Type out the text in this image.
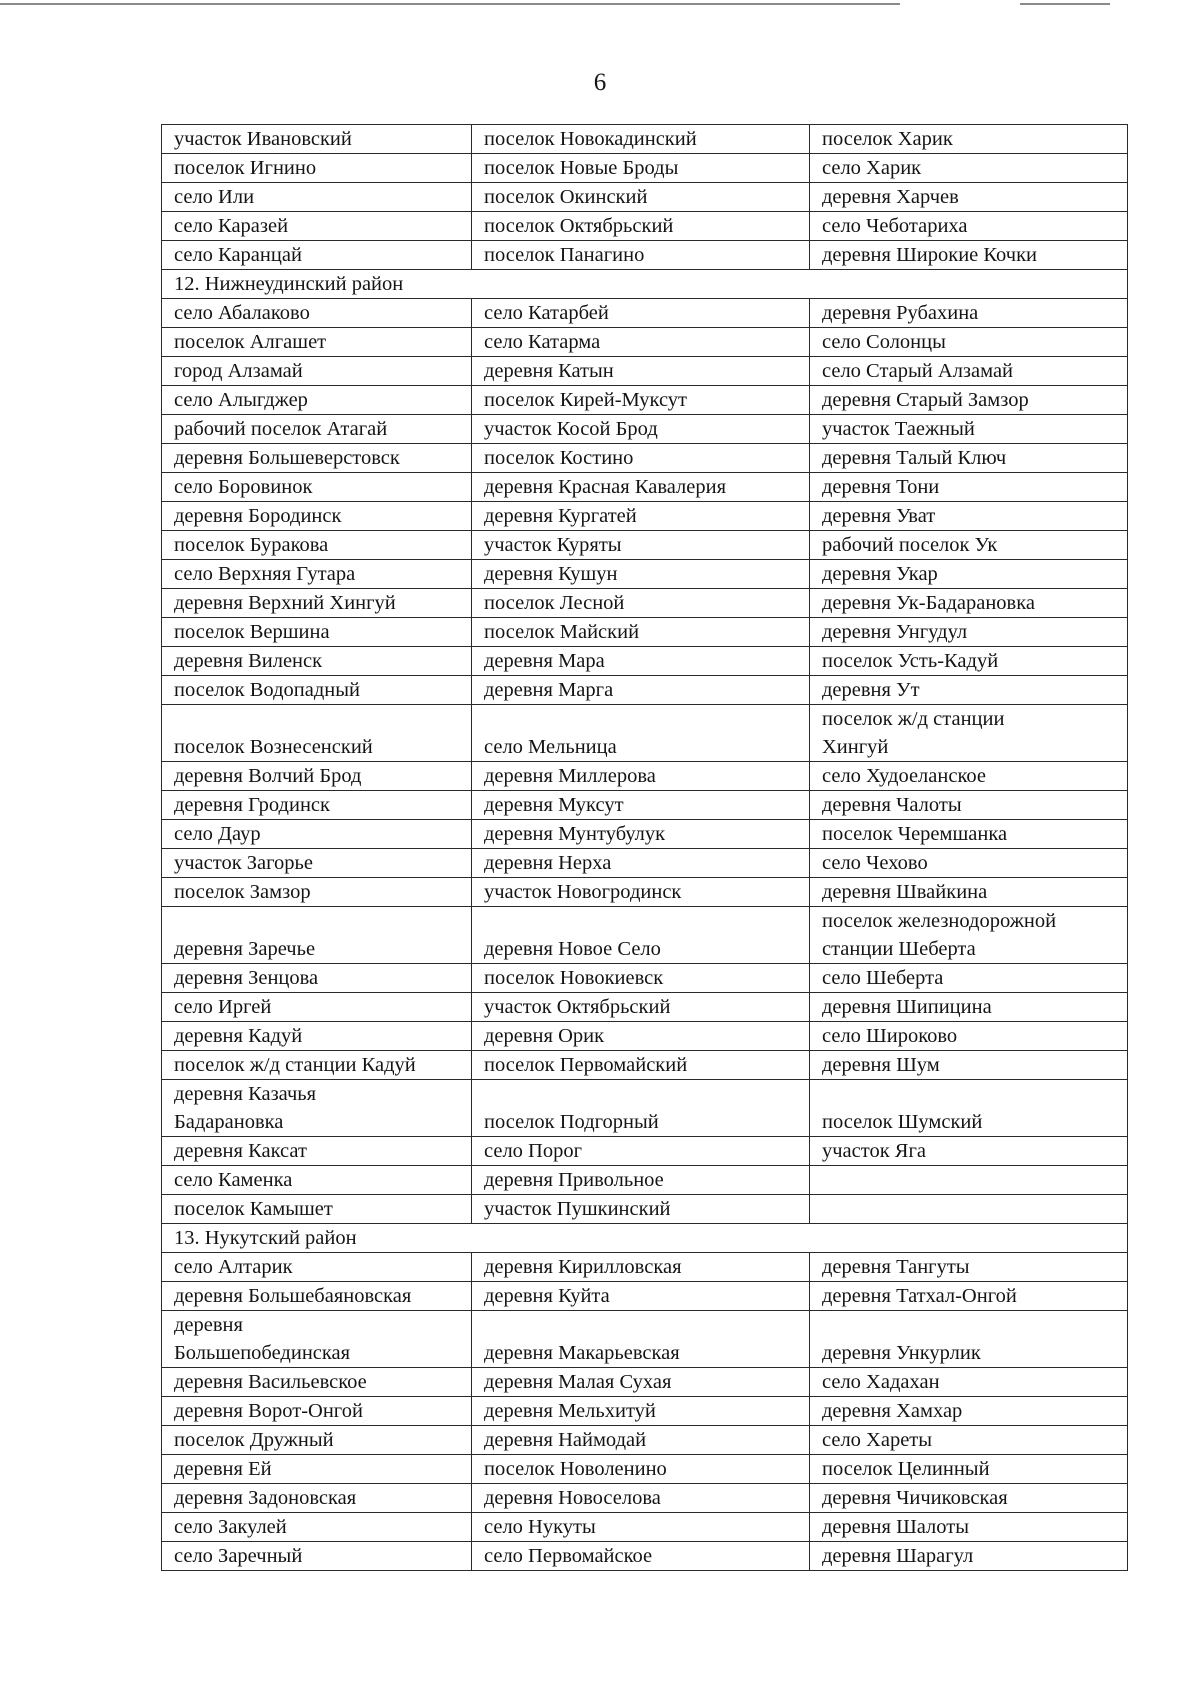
6
участок Ивановский	поселок Новокадинский	поселок Харик
поселок Игнино	поселок Новые Броды	село Харик
село Или	поселок Окинский	деревня Харчев
село Каразей	поселок Октябрьский	село Чеботариха
село Каранцай	поселок Панагино	деревня Широкие Кочки
12. Нижнеудинский район		
село Абалаково	село Катарбей	деревня Рубахина
поселок Алгашет	село Катарма	село Солонцы
город Алзамай	деревня Катын	село Старый Алзамай
село Алыгджер	поселок Кирей-Муксут	деревня Старый Замзор
рабочий поселок Атагай	участок Косой Брод	участок Таежный
деревня Большеверстовск	поселок Костино	деревня Талый Ключ
село Боровинок	деревня Красная Кавалерия	деревня Тони
деревня Бородинск	деревня Кургатей	деревня Уват
поселок Буракова	участок Куряты	рабочий поселок Ук
село Верхняя Гутара	деревня Кушун	деревня Укар
деревня Верхний Хингуй	поселок Лесной	деревня Ук-Бадарановка
поселок Вершина	поселок Майский	деревня Унгудул
деревня Виленск	деревня Мара	поселок Усть-Кадуй
поселок Водопадный	деревня Марга	деревня Ут
поселок Вознесенский	село Мельница	поселок ж/д станции
Хингуй

деревня Волчий Брод	деревня Миллерова	село Худоеланское
деревня Гродинск	деревня Муксут	деревня Чалоты
село Даур	деревня Мунтубулук	поселок Черемшанка
участок Загорье	деревня Нерха	село Чехово
поселок Замзор	участок Новогродинск	деревня Швайкина
деревня Заречье	деревня Новое Село	поселок железнодорожной
станции Шеберта

деревня Зенцова	поселок Новокиевск	село Шеберта
село Иргей	участок Октябрьский	деревня Шипицина
деревня Кадуй	деревня Орик	село Широково
поселок ж/д станции Кадуй	поселок Первомайский	деревня Шум

деревня Казачья
Бадарановка	поселок Подгорный	поселок Шумский
деревня Каксат	село Порог	участок Яга
село Каменка	деревня Привольное	
поселок Камышет	участок Пушкинский	
13. Нукутский район		
село Алтарик	деревня Кирилловская	деревня Тангуты
деревня Большебаяновская	деревня Куйта	деревня Татхал-Онгой

деревня
Большепобединская	деревня Макарьевская	деревня Ункурлик
деревня Васильевское	деревня Малая Сухая	село Хадахан
деревня Ворот-Онгой	деревня Мельхитуй	деревня Хамхар
поселок Дружный	деревня Наймодай	село Хареты
деревня Ей	поселок Новоленино	поселок Целинный
деревня Задоновская	деревня Новоселова	деревня Чичиковская
село Закулей	село Нукуты	деревня Шалоты
село Заречный	село Первомайское	деревня Шарагул
